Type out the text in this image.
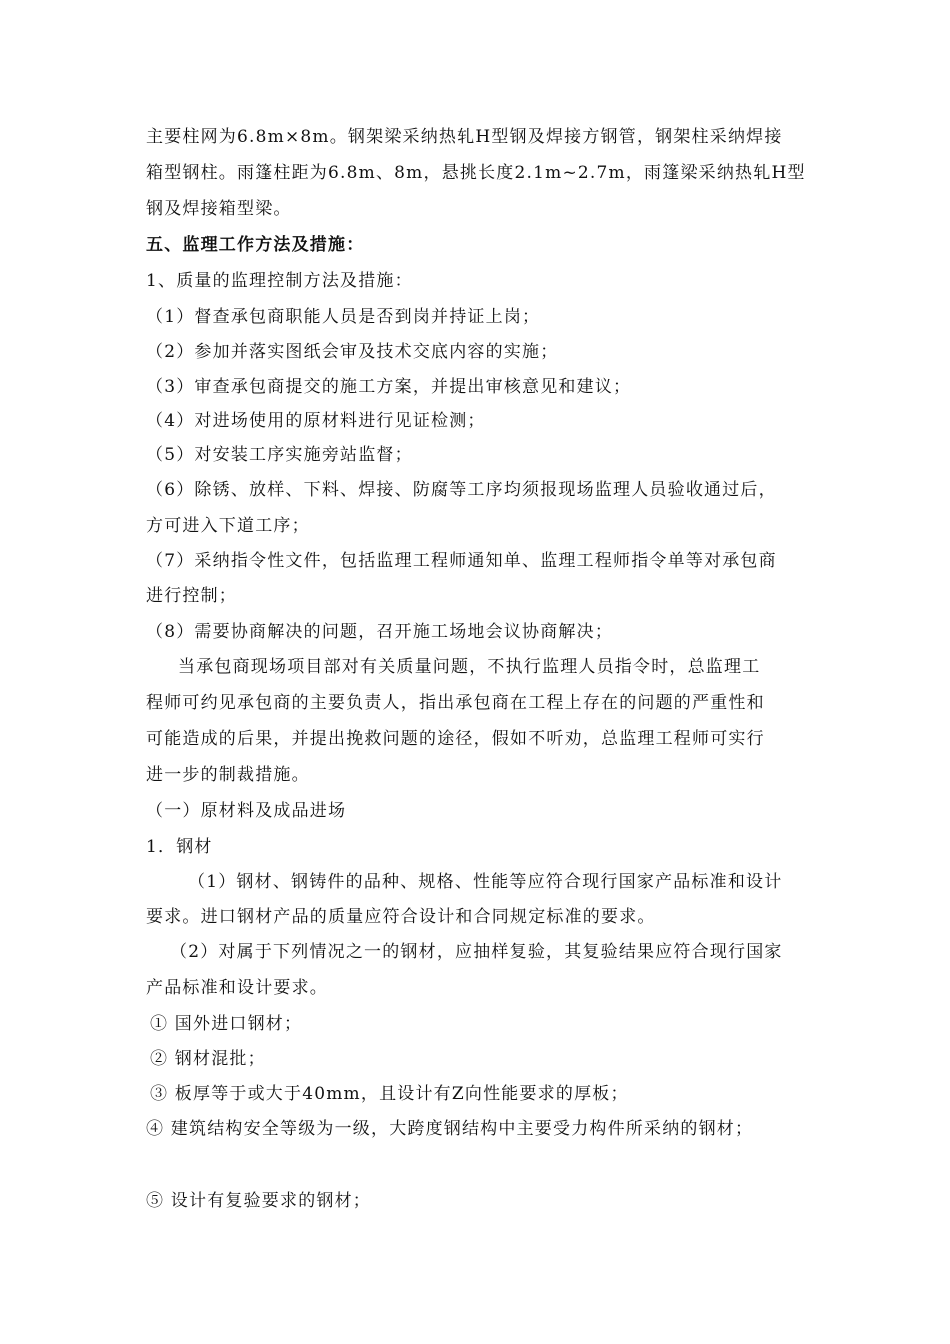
主要柱网为6.8m×8m。钢架梁采纳热轧H型钢及焊接方钢管，钢架柱采纳焊接
箱型钢柱。雨篷柱距为6.8m、8m，悬挑长度2.1m~2.7m，雨篷梁采纳热轧H型
钢及焊接箱型梁。
五、监理工作方法及措施：
1、质量的监理控制方法及措施：
（1）督查承包商职能人员是否到岗并持证上岗；
（2）参加并落实图纸会审及技术交底内容的实施；
（3）审查承包商提交的施工方案，并提出审核意见和建议；
（4）对进场使用的原材料进行见证检测；
（5）对安装工序实施旁站监督；
（6）除锈、放样、下料、焊接、防腐等工序均须报现场监理人员验收通过后，
方可进入下道工序；
（7）采纳指令性文件，包括监理工程师通知单、监理工程师指令单等对承包商
进行控制；
（8）需要协商解决的问题，召开施工场地会议协商解决；
当承包商现场项目部对有关质量问题，不执行监理人员指令时，总监理工
程师可约见承包商的主要负责人，指出承包商在工程上存在的问题的严重性和
可能造成的后果，并提出挽救问题的途径，假如不听劝，总监理工程师可实行
进一步的制裁措施。
（一）原材料及成品进场
1．钢材
（1）钢材、钢铸件的品种、规格、性能等应符合现行国家产品标准和设计
要求。进口钢材产品的质量应符合设计和合同规定标准的要求。
（2）对属于下列情况之一的钢材，应抽样复验，其复验结果应符合现行国家
产品标准和设计要求。
① 国外进口钢材；
② 钢材混批；
③ 板厚等于或大于40mm，且设计有Z向性能要求的厚板；
④ 建筑结构安全等级为一级，大跨度钢结构中主要受力构件所采纳的钢材；
⑤ 设计有复验要求的钢材；
